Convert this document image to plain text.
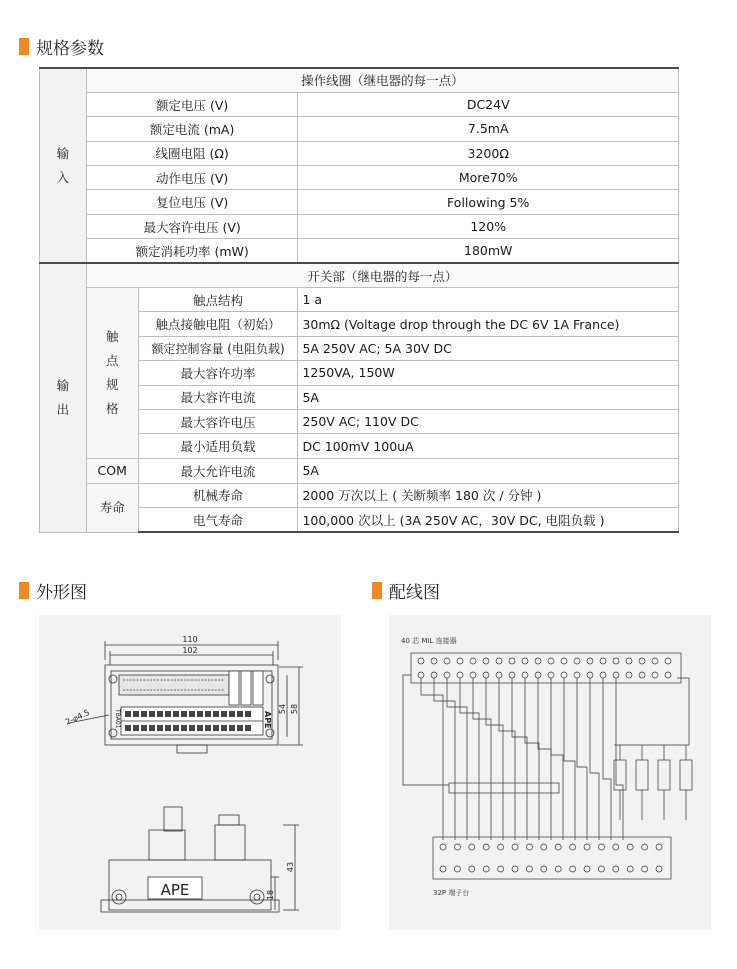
规格参数
输入	操作线圈（继电器的每一点）		
	额定电压 (V)		DC24V
	额定电流 (mA)		7.5mA
	线圈电阻 (Ω)		3200Ω
	动作电压 (V)		More70%
	复位电压 (V)		Following 5%
	最大容许电压 (V)		120%
	额定消耗功率 (mW)		180mW
输出	开关部（继电器的每一点）		
	触点规格	触点结构	1 a
		触点接触电阻（初始）	30mΩ (Voltage drop through the DC 6V 1A France)
		额定控制容量 (电阻负载)	5A 250V AC; 5A 30V DC
		最大容许功率	1250VA, 150W
		最大容许电流	5A
		最大容许电压	250V AC; 110V DC
		最小适用负载	DC 100mV 100uA
	COM	最大允许电流	5A
	寿命	机械寿命	2000 万次以上 ( 关断频率 180 次 / 分钟 )
		电气寿命	100,000 次以上 (3A 250V AC，30V DC, 电阻负载 )
外形图	配线图
110
102
54 58
2-⌀4.5	TBA01	APE
APE
43
18
40 芯 MIL 连接器
32P 端子台
